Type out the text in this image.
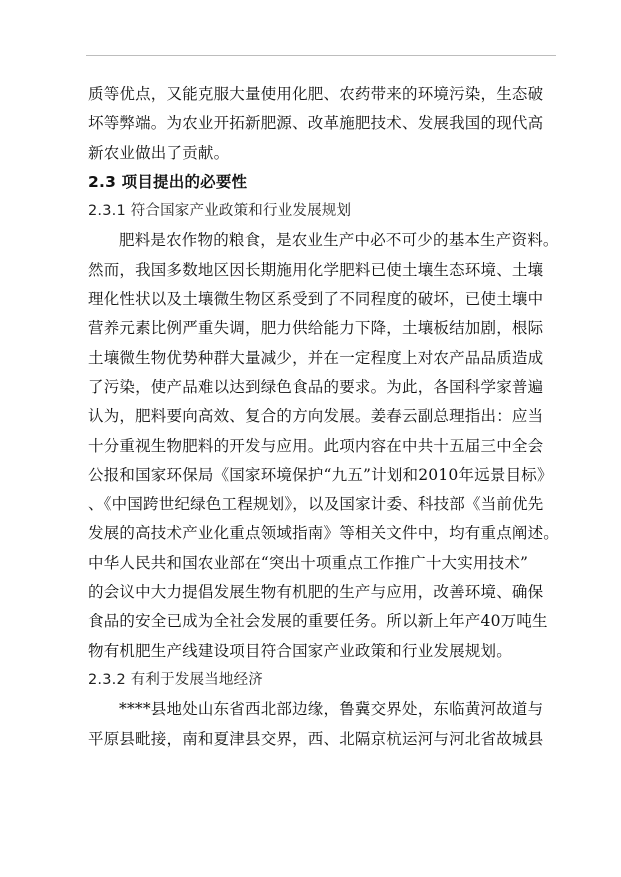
质等优点，又能克服大量使用化肥、农药带来的环境污染，生态破
坏等弊端。为农业开拓新肥源、改革施肥技术、发展我国的现代高
新农业做出了贡献。
2.3 项目提出的必要性
2.3.1 符合国家产业政策和行业发展规划
肥料是农作物的粮食，是农业生产中必不可少的基本生产资料。
然而，我国多数地区因长期施用化学肥料已使土壤生态环境、土壤
理化性状以及土壤微生物区系受到了不同程度的破坏，已使土壤中
营养元素比例严重失调，肥力供给能力下降，土壤板结加剧，根际
土壤微生物优势种群大量减少，并在一定程度上对农产品品质造成
了污染，使产品难以达到绿色食品的要求。为此，各国科学家普遍
认为，肥料要向高效、复合的方向发展。姜春云副总理指出：应当
十分重视生物肥料的开发与应用。此项内容在中共十五届三中全会
公报和国家环保局《国家环境保护“九五”计划和2010年远景目标》
、《中国跨世纪绿色工程规划》，以及国家计委、科技部《当前优先
发展的高技术产业化重点领域指南》等相关文件中，均有重点阐述。
中华人民共和国农业部在“突出十项重点工作推广十大实用技术”
的会议中大力提倡发展生物有机肥的生产与应用，改善环境、确保
食品的安全已成为全社会发展的重要任务。所以新上年产40万吨生
物有机肥生产线建设项目符合国家产业政策和行业发展规划。
2.3.2 有利于发展当地经济
****县地处山东省西北部边缘，鲁冀交界处，东临黄河故道与
平原县毗接，南和夏津县交界，西、北隔京杭运河与河北省故城县
